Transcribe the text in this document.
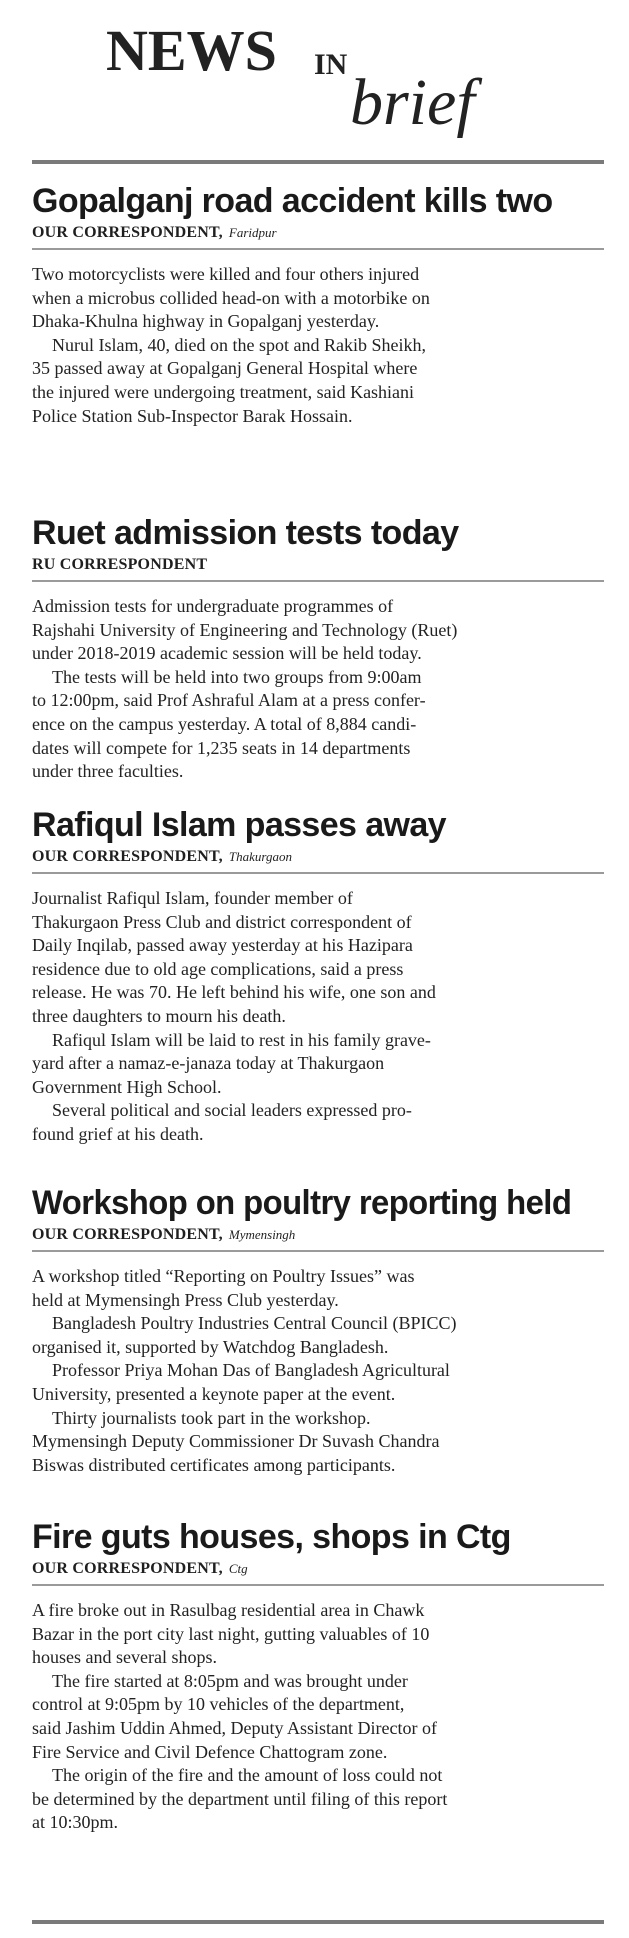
NEWS IN
brief
Gopalganj road accident kills two
OUR CORRESPONDENT, Faridpur

Two motorcyclists were killed and four others injured
when a microbus collided head-on with a motorbike on
Dhaka-Khulna highway in Gopalganj yesterday.

Nurul Islam, 40, died on the spot and Rakib Sheikh,
35 passed away at Gopalganj General Hospital where
the injured were undergoing treatment, said Kashiani
Police Station Sub-Inspector Barak Hossain.

Ruet admission tests today
RU CORRESPONDENT

Admission tests for undergraduate programmes of
Rajshahi University of Engineering and Technology (Ruet)
under 2018-2019 academic session will be held today.

The tests will be held into two groups from 9:00am
to 12:00pm, said Prof Ashraful Alam at a press confer-
ence on the campus yesterday. A total of 8,884 candi-
dates will compete for 1,235 seats in 14 departments
under three faculties.

Rafiqul Islam passes away
OUR CORRESPONDENT, Thakurgaon

Journalist Rafiqul Islam, founder member of
Thakurgaon Press Club and district correspondent of
Daily Inqilab, passed away yesterday at his Hazipara
residence due to old age complications, said a press
release. He was 70. He left behind his wife, one son and
three daughters to mourn his death.

Rafiqul Islam will be laid to rest in his family grave-
yard after a namaz-e-janaza today at Thakurgaon
Government High School.

Several political and social leaders expressed pro-
found grief at his death.

Workshop on poultry reporting held
OUR CORRESPONDENT, Mymensingh

A workshop titled “Reporting on Poultry Issues” was
held at Mymensingh Press Club yesterday.

Bangladesh Poultry Industries Central Council (BPICC)
organised it, supported by Watchdog Bangladesh.

Professor Priya Mohan Das of Bangladesh Agricultural
University, presented a keynote paper at the event.

Thirty journalists took part in the workshop.
Mymensingh Deputy Commissioner Dr Suvash Chandra
Biswas distributed certificates among participants.

Fire guts houses, shops in Ctg
OUR CORRESPONDENT, Ctg

A fire broke out in Rasulbag residential area in Chawk
Bazar in the port city last night, gutting valuables of 10
houses and several shops.

The fire started at 8:05pm and was brought under
control at 9:05pm by 10 vehicles of the department,
said Jashim Uddin Ahmed, Deputy Assistant Director of
Fire Service and Civil Defence Chattogram zone.

The origin of the fire and the amount of loss could not
be determined by the department until filing of this report
at 10:30pm.
